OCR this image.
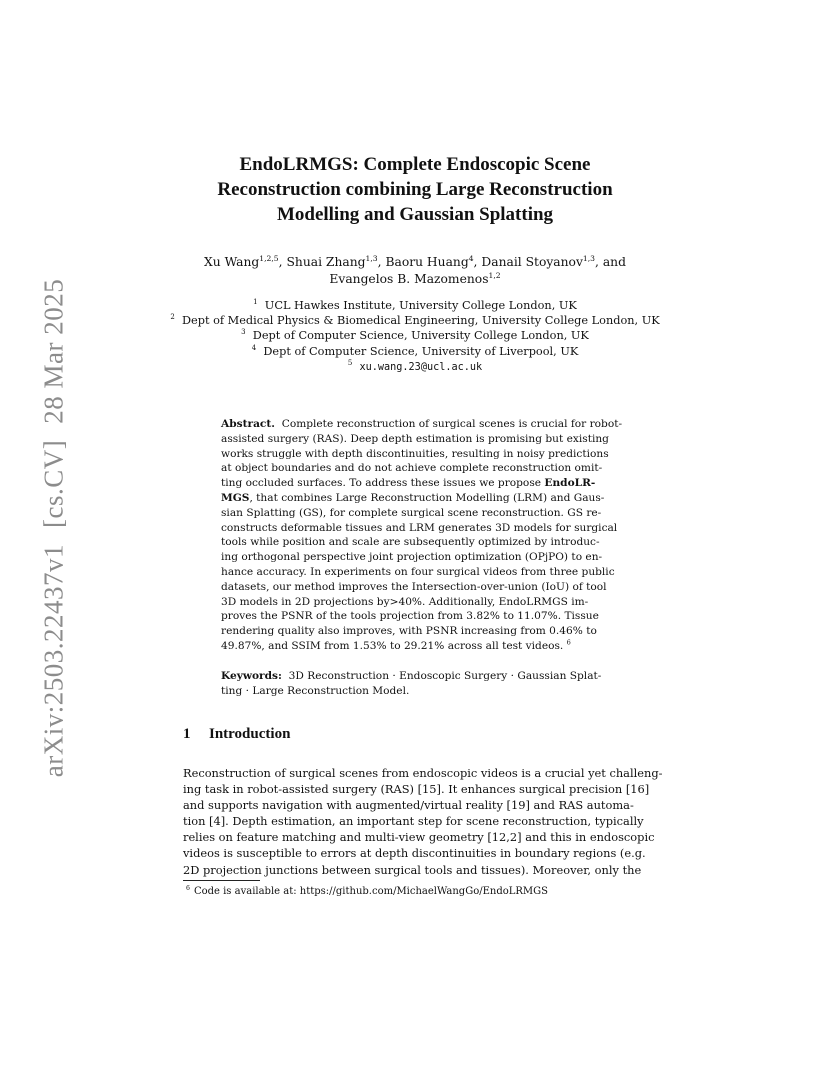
arXiv:2503.22437v1[cs.CV]28 Mar 2025
EndoLRMGS: Complete Endoscopic Scene
Reconstruction combining Large Reconstruction
Modelling and Gaussian Splatting
Xu Wang$^{1,2,5}$, Shuai Zhang$^{1,3}$, Baoru Huang$^4$, Danail Stoyanov$^{1,3}$, and
Evangelos B. Mazomenos$^{1,2}$
$^1$ UCL Hawkes Institute, University College London, UK
$^2$ Dept of Medical Physics & Biomedical Engineering, University College London, UK
$^3$ Dept of Computer Science, University College London, UK
$^4$ Dept of Computer Science, University of Liverpool, UK
$^5$ xu.wang.23@ucl.ac.uk
Abstract. Complete reconstruction of surgical scenes is crucial for robot-
assisted surgery (RAS). Deep depth estimation is promising but existing
works struggle with depth discontinuities, resulting in noisy predictions
at object boundaries and do not achieve complete reconstruction omit-
ting occluded surfaces. To address these issues we propose EndoLR-
MGS, that combines Large Reconstruction Modelling (LRM) and Gaus-
sian Splatting (GS), for complete surgical scene reconstruction. GS re-
constructs deformable tissues and LRM generates 3D models for surgical
tools while position and scale are subsequently optimized by introduc-
ing orthogonal perspective joint projection optimization (OPjPO) to en-
hance accuracy. In experiments on four surgical videos from three public
datasets, our method improves the Intersection-over-union (IoU) of tool
3D models in 2D projections by>40%. Additionally, EndoLRMGS im-
proves the PSNR of the tools projection from 3.82% to 11.07%. Tissue
rendering quality also improves, with PSNR increasing from 0.46% to
49.87%, and SSIM from 1.53% to 29.21% across all test videos. $^6$
Keywords: 3D Reconstruction · Endoscopic Surgery · Gaussian Splat-
ting · Large Reconstruction Model.
1 Introduction
Reconstruction of surgical scenes from endoscopic videos is a crucial yet challeng-
ing task in robot-assisted surgery (RAS) [15]. It enhances surgical precision [16]
and supports navigation with augmented/virtual reality [19] and RAS automa-
tion [4]. Depth estimation, an important step for scene reconstruction, typically
relies on feature matching and multi-view geometry [12,2] and this in endoscopic
videos is susceptible to errors at depth discontinuities in boundary regions (e.g.
2D projection junctions between surgical tools and tissues). Moreover, only the
$^6$ Code is available at: https://github.com/MichaelWangGo/EndoLRMGS
